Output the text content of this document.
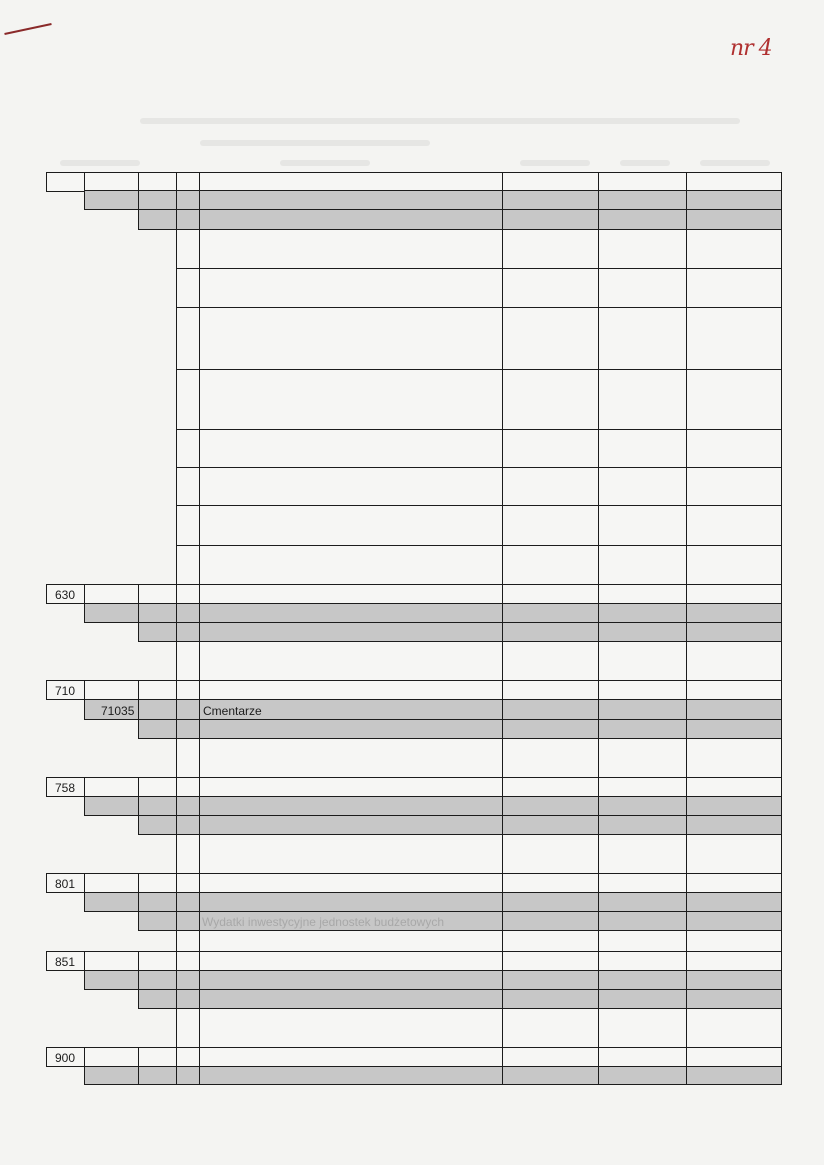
nr 4
630
710
71035	Cmentarze
758
801
Wydatki inwestycyjne jednostek budżetowych
851
900
